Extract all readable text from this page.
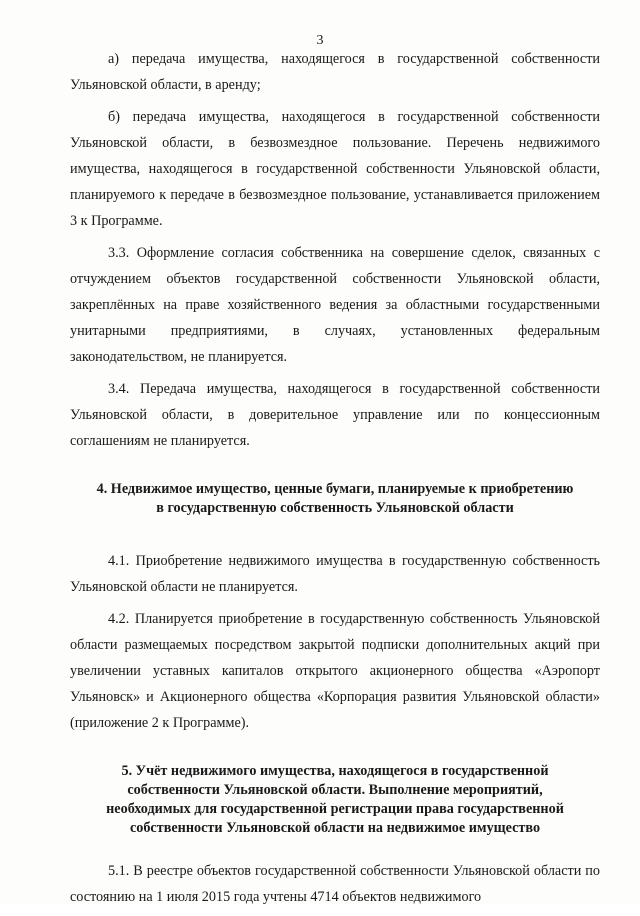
3

а) передача имущества, находящегося в государственной собственности Ульяновской области, в аренду;

б) передача имущества, находящегося в государственной собственности Ульяновской области, в безвозмездное пользование. Перечень недвижимого имущества, находящегося в государственной собственности Ульяновской области, планируемого к передаче в безвозмездное пользование, устанавливается приложением 3 к Программе.

3.3. Оформление согласия собственника на совершение сделок, связанных с отчуждением объектов государственной собственности Ульяновской области, закреплённых на праве хозяйственного ведения за областными государственными унитарными предприятиями, в случаях, установленных федеральным законодательством, не планируется.

3.4. Передача имущества, находящегося в государственной собственности Ульяновской области, в доверительное управление или по концессионным соглашениям не планируется.

4. Недвижимое имущество, ценные бумаги, планируемые к приобретению
в государственную собственность Ульяновской области

4.1. Приобретение недвижимого имущества в государственную собственность Ульяновской области не планируется.

4.2. Планируется приобретение в государственную собственность Ульяновской области размещаемых посредством закрытой подписки дополнительных акций при увеличении уставных капиталов открытого акционерного общества «Аэропорт Ульяновск» и Акционерного общества «Корпорация развития Ульяновской области» (приложение 2 к Программе).

5. Учёт недвижимого имущества, находящегося в государственной
собственности Ульяновской области. Выполнение мероприятий,
необходимых для государственной регистрации права государственной
собственности Ульяновской области на недвижимое имущество

5.1. В реестре объектов государственной собственности Ульяновской области по состоянию на 1 июля 2015 года учтены 4714 объектов недвижимого
